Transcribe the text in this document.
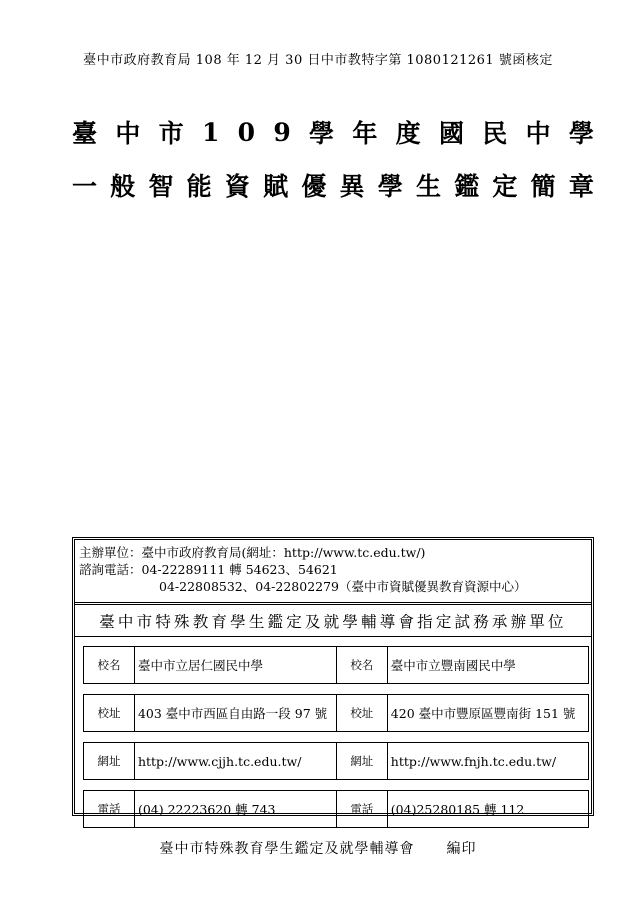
臺中市政府教育局 108 年 12 月 30 日中市教特字第 1080121261 號函核定
臺 中 市 1 0 9 學 年 度 國 民 中 學
一 般 智 能 資 賦 優 異 學 生 鑑 定 簡 章
主辦單位：臺中市政府教育局(網址：http://www.tc.edu.tw/)
諮詢電話：04-22289111 轉 54623、54621
04-22808532、04-22802279（臺中市資賦優異教育資源中心）
臺中市特殊教育學生鑑定及就學輔導會指定試務承辦單位
校名	臺中市立居仁國民中學	校名	臺中市立豐南國民中學

校址	403 臺中市西區自由路一段 97 號	校址	420 臺中市豐原區豐南街 151 號

網址	http://www.cjjh.tc.edu.tw/	網址	http://www.fnjh.tc.edu.tw/

電話	(04) 22223620 轉 743	電話	(04)25280185 轉 112
臺中市特殊教育學生鑑定及就學輔導會 編印
